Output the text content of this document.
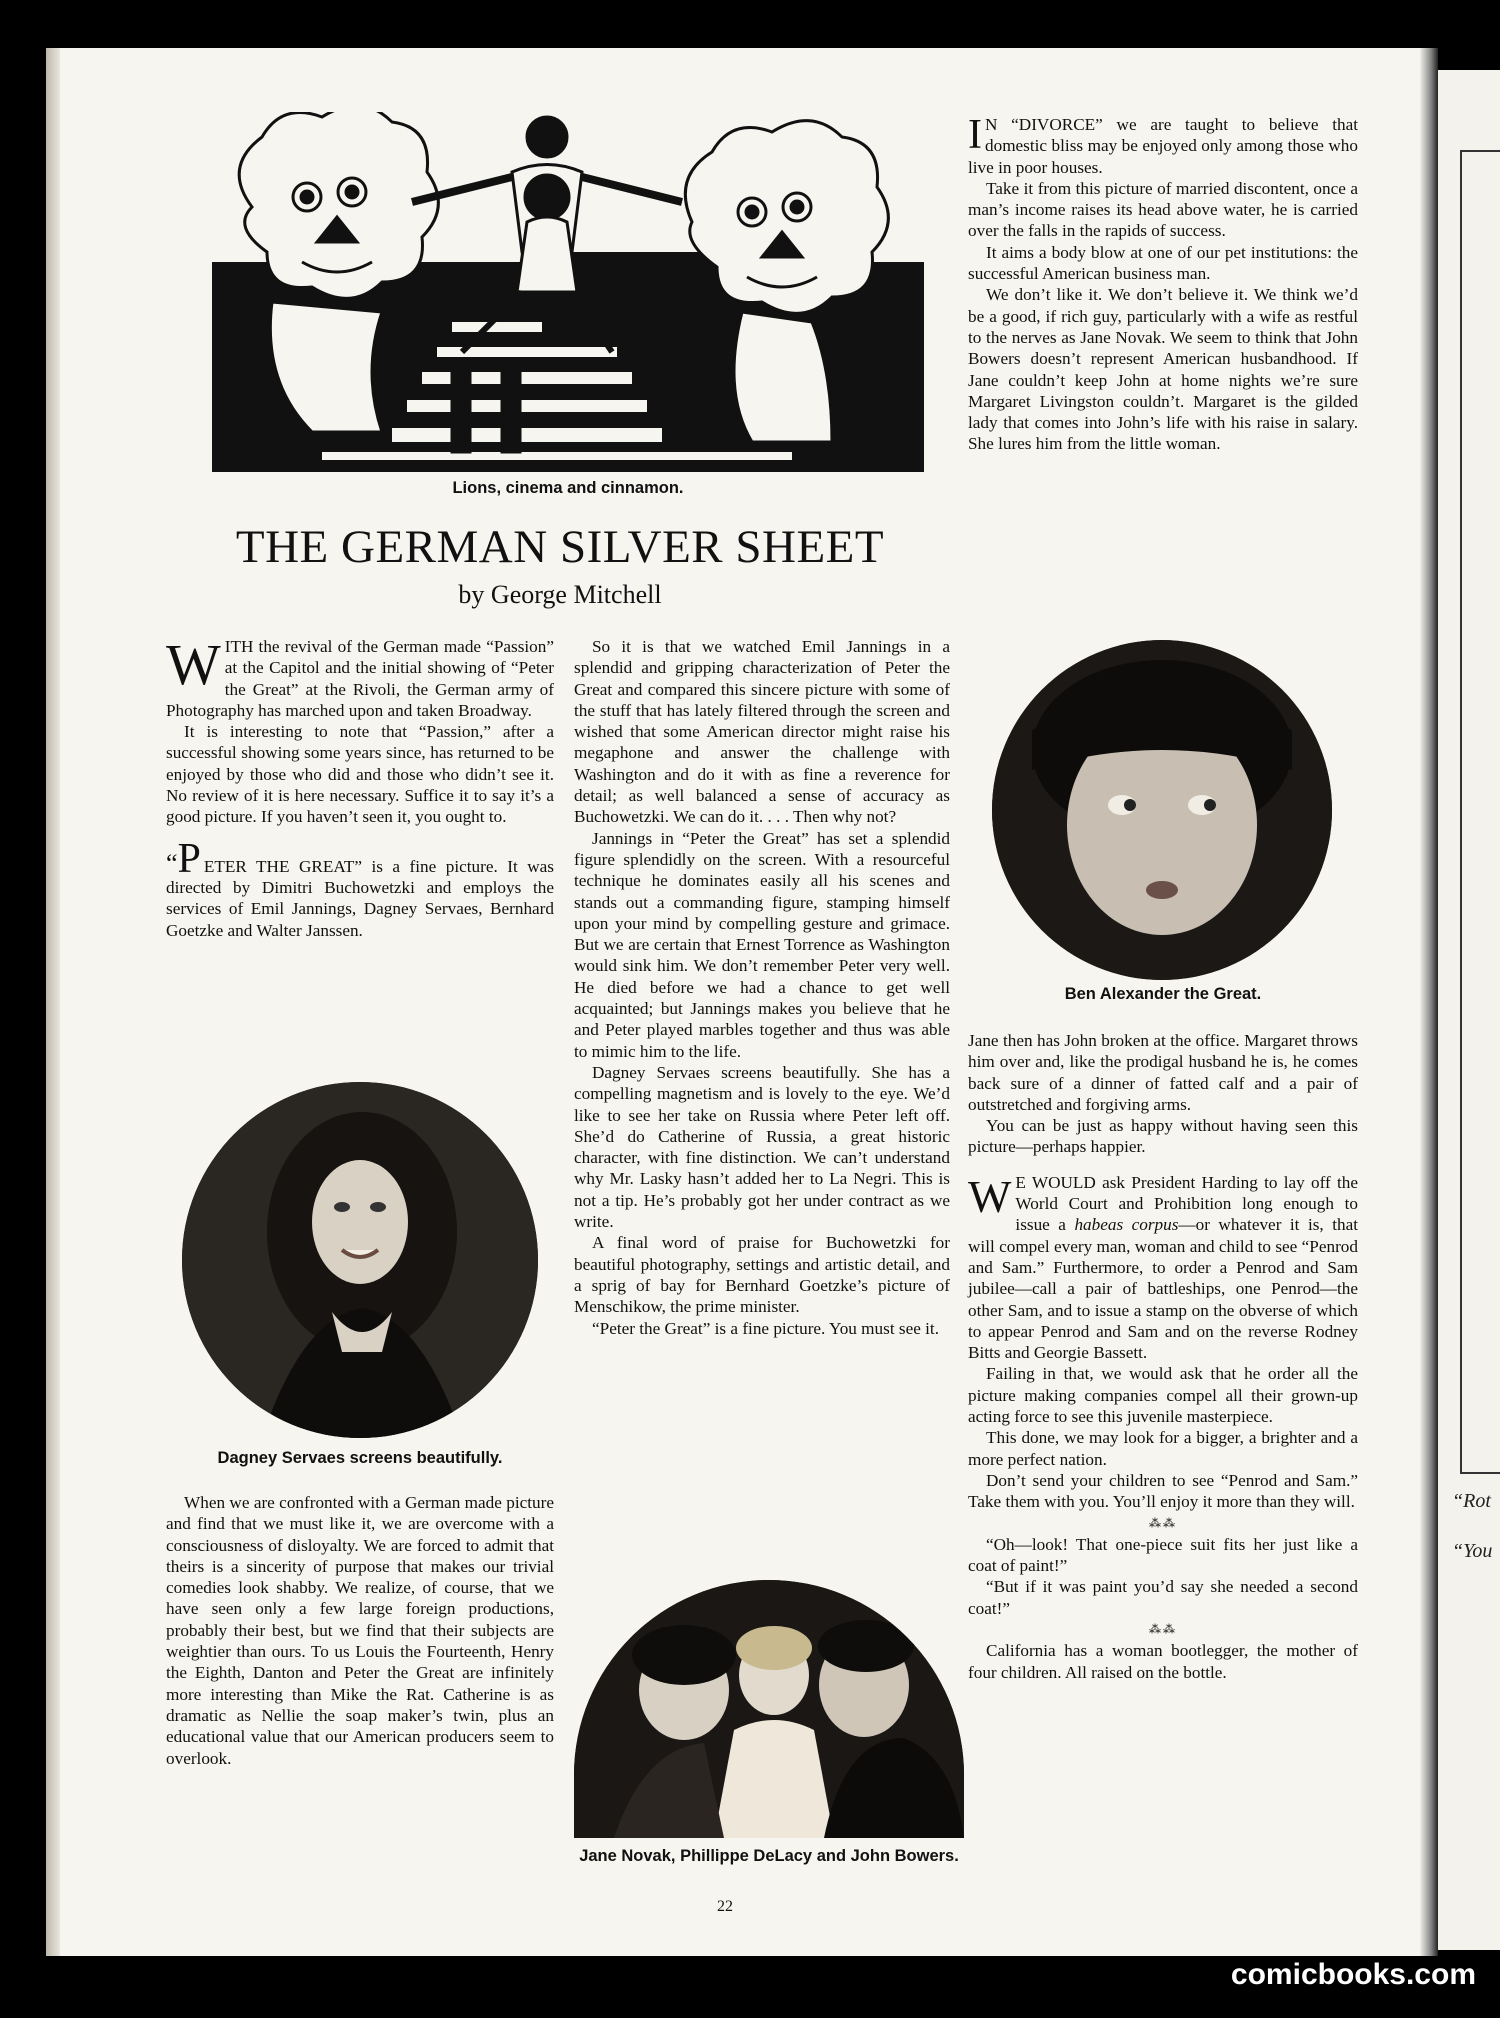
“Rot
“You
Lions, cinema and cinnamon.
THE GERMAN SILVER SHEET
by George Mitchell

WITH the revival of the German made “Passion” at the Capitol and the initial showing of “Peter the Great” at the Rivoli, the German army of Photography has marched upon and taken Broadway.

It is interesting to note that “Passion,” after a successful showing some years since, has returned to be enjoyed by those who did and those who didn’t see it. No review of it is here necessary. Suffice it to say it’s a good picture. If you haven’t seen it, you ought to.

“P ETER THE GREAT” is a fine picture. It was directed by Dimitri Buchowetzki and employs the services of Emil Jannings, Dagney Servaes, Bernhard Goetzke and Walter Janssen.

Dagney Servaes screens beautifully.

When we are confronted with a German made picture and find that we must like it, we are overcome with a consciousness of disloyalty. We are forced to admit that theirs is a sincerity of purpose that makes our trivial comedies look shabby. We realize, of course, that we have seen only a few large foreign productions, probably their best, but we find that their subjects are weightier than ours. To us Louis the Fourteenth, Henry the Eighth, Danton and Peter the Great are infinitely more interesting than Mike the Rat. Catherine is as dramatic as Nellie the soap maker’s twin, plus an educational value that our American producers seem to overlook.

So it is that we watched Emil Jannings in a splendid and gripping characterization of Peter the Great and compared this sincere picture with some of the stuff that has lately filtered through the screen and wished that some American director might raise his megaphone and answer the challenge with Washington and do it with as fine a reverence for detail; as well balanced a sense of accuracy as Buchowetzki. We can do it. . . . Then why not?

Jannings in “Peter the Great” has set a splendid figure splendidly on the screen. With a resourceful technique he dominates easily all his scenes and stands out a commanding figure, stamping himself upon your mind by compelling gesture and grimace. But we are certain that Ernest Torrence as Washington would sink him. We don’t remember Peter very well. He died before we had a chance to get well acquainted; but Jannings makes you believe that he and Peter played marbles together and thus was able to mimic him to the life.

Dagney Servaes screens beautifully. She has a compelling magnetism and is lovely to the eye. We’d like to see her take on Russia where Peter left off. She’d do Catherine of Russia, a great historic character, with fine distinction. We can’t understand why Mr. Lasky hasn’t added her to La Negri. This is not a tip. He’s probably got her under contract as we write.

A final word of praise for Buchowetzki for beautiful photography, settings and artistic detail, and a sprig of bay for Bernhard Goetzke’s picture of Menschikow, the prime minister.

“Peter the Great” is a fine picture. You must see it.

Jane Novak, Phillippe DeLacy and John Bowers.

I N “DIVORCE” we are taught to believe that domestic bliss may be enjoyed only among those who live in poor houses.

Take it from this picture of married discontent, once a man’s income raises its head above water, he is carried over the falls in the rapids of success.

It aims a body blow at one of our pet institutions: the successful American business man.

We don’t like it. We don’t believe it. We think we’d be a good, if rich guy, particularly with a wife as restful to the nerves as Jane Novak. We seem to think that John Bowers doesn’t represent American husbandhood. If Jane couldn’t keep John at home nights we’re sure Margaret Livingston couldn’t. Margaret is the gilded lady that comes into John’s life with his raise in salary. She lures him from the little woman.

Ben Alexander the Great.

Jane then has John broken at the office. Margaret throws him over and, like the prodigal husband he is, he comes back sure of a dinner of fatted calf and a pair of outstretched and forgiving arms.

You can be just as happy without having seen this picture—perhaps happier.

W E WOULD ask President Harding to lay off the World Court and Prohibition long enough to issue a habeas corpus—or whatever it is, that will compel every man, woman and child to see “Penrod and Sam.” Furthermore, to order a Penrod and Sam jubilee—call a pair of battleships, one Penrod—the other Sam, and to issue a stamp on the obverse of which to appear Penrod and Sam and on the reverse Rodney Bitts and Georgie Bassett.

Failing in that, we would ask that he order all the picture making companies compel all their grown-up acting force to see this juvenile masterpiece.

This done, we may look for a bigger, a brighter and a more perfect nation.

Don’t send your children to see “Penrod and Sam.” Take them with you. You’ll enjoy it more than they will.

⁂⁂

“Oh—look! That one-piece suit fits her just like a coat of paint!”

“But if it was paint you’d say she needed a second coat!”

⁂⁂

California has a woman bootlegger, the mother of four children. All raised on the bottle.

22
comicbooks.com
